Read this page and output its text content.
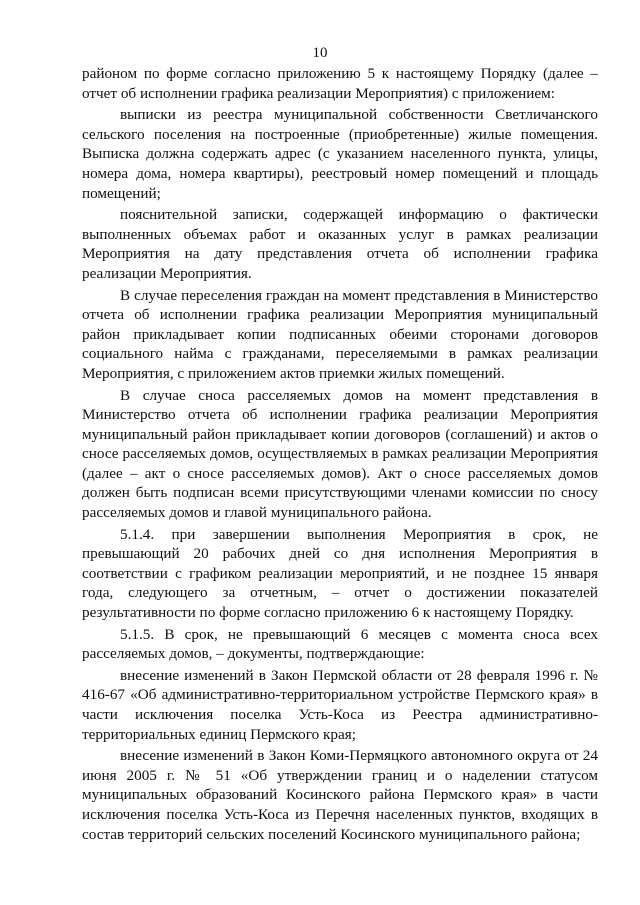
10

районом по форме согласно приложению 5 к настоящему Порядку (далее – отчет об исполнении графика реализации Мероприятия) с приложением:

выписки из реестра муниципальной собственности Светличанского сельского поселения на построенные (приобретенные) жилые помещения. Выписка должна содержать адрес (с указанием населенного пункта, улицы, номера дома, номера квартиры), реестровый номер помещений и площадь помещений;

пояснительной записки, содержащей информацию о фактически выполненных объемах работ и оказанных услуг в рамках реализации Мероприятия на дату представления отчета об исполнении графика реализации Мероприятия.

В случае переселения граждан на момент представления в Министерство отчета об исполнении графика реализации Мероприятия муниципальный район прикладывает копии подписанных обеими сторонами договоров социального найма с гражданами, переселяемыми в рамках реализации Мероприятия, с приложением актов приемки жилых помещений.

В случае сноса расселяемых домов на момент представления в Министерство отчета об исполнении графика реализации Мероприятия муниципальный район прикладывает копии договоров (соглашений) и актов о сносе расселяемых домов, осуществляемых в рамках реализации Мероприятия (далее – акт о сносе расселяемых домов). Акт о сносе расселяемых домов должен быть подписан всеми присутствующими членами комиссии по сносу расселяемых домов и главой муниципального района.

5.1.4. при завершении выполнения Мероприятия в срок, не превышающий 20 рабочих дней со дня исполнения Мероприятия в соответствии с графиком реализации мероприятий, и не позднее 15 января года, следующего за отчетным, – отчет о достижении показателей результативности по форме согласно приложению 6 к настоящему Порядку.

5.1.5. В срок, не превышающий 6 месяцев с момента сноса всех расселяемых домов, – документы, подтверждающие:

внесение изменений в Закон Пермской области от 28 февраля 1996 г. № 416-67 «Об административно-территориальном устройстве Пермского края» в части исключения поселка Усть-Коса из Реестра административно-территориальных единиц Пермского края;

внесение изменений в Закон Коми-Пермяцкого автономного округа от 24 июня 2005 г. № 51 «Об утверждении границ и о наделении статусом муниципальных образований Косинского района Пермского края» в части исключения поселка Усть-Коса из Перечня населенных пунктов, входящих в состав территорий сельских поселений Косинского муниципального района;
